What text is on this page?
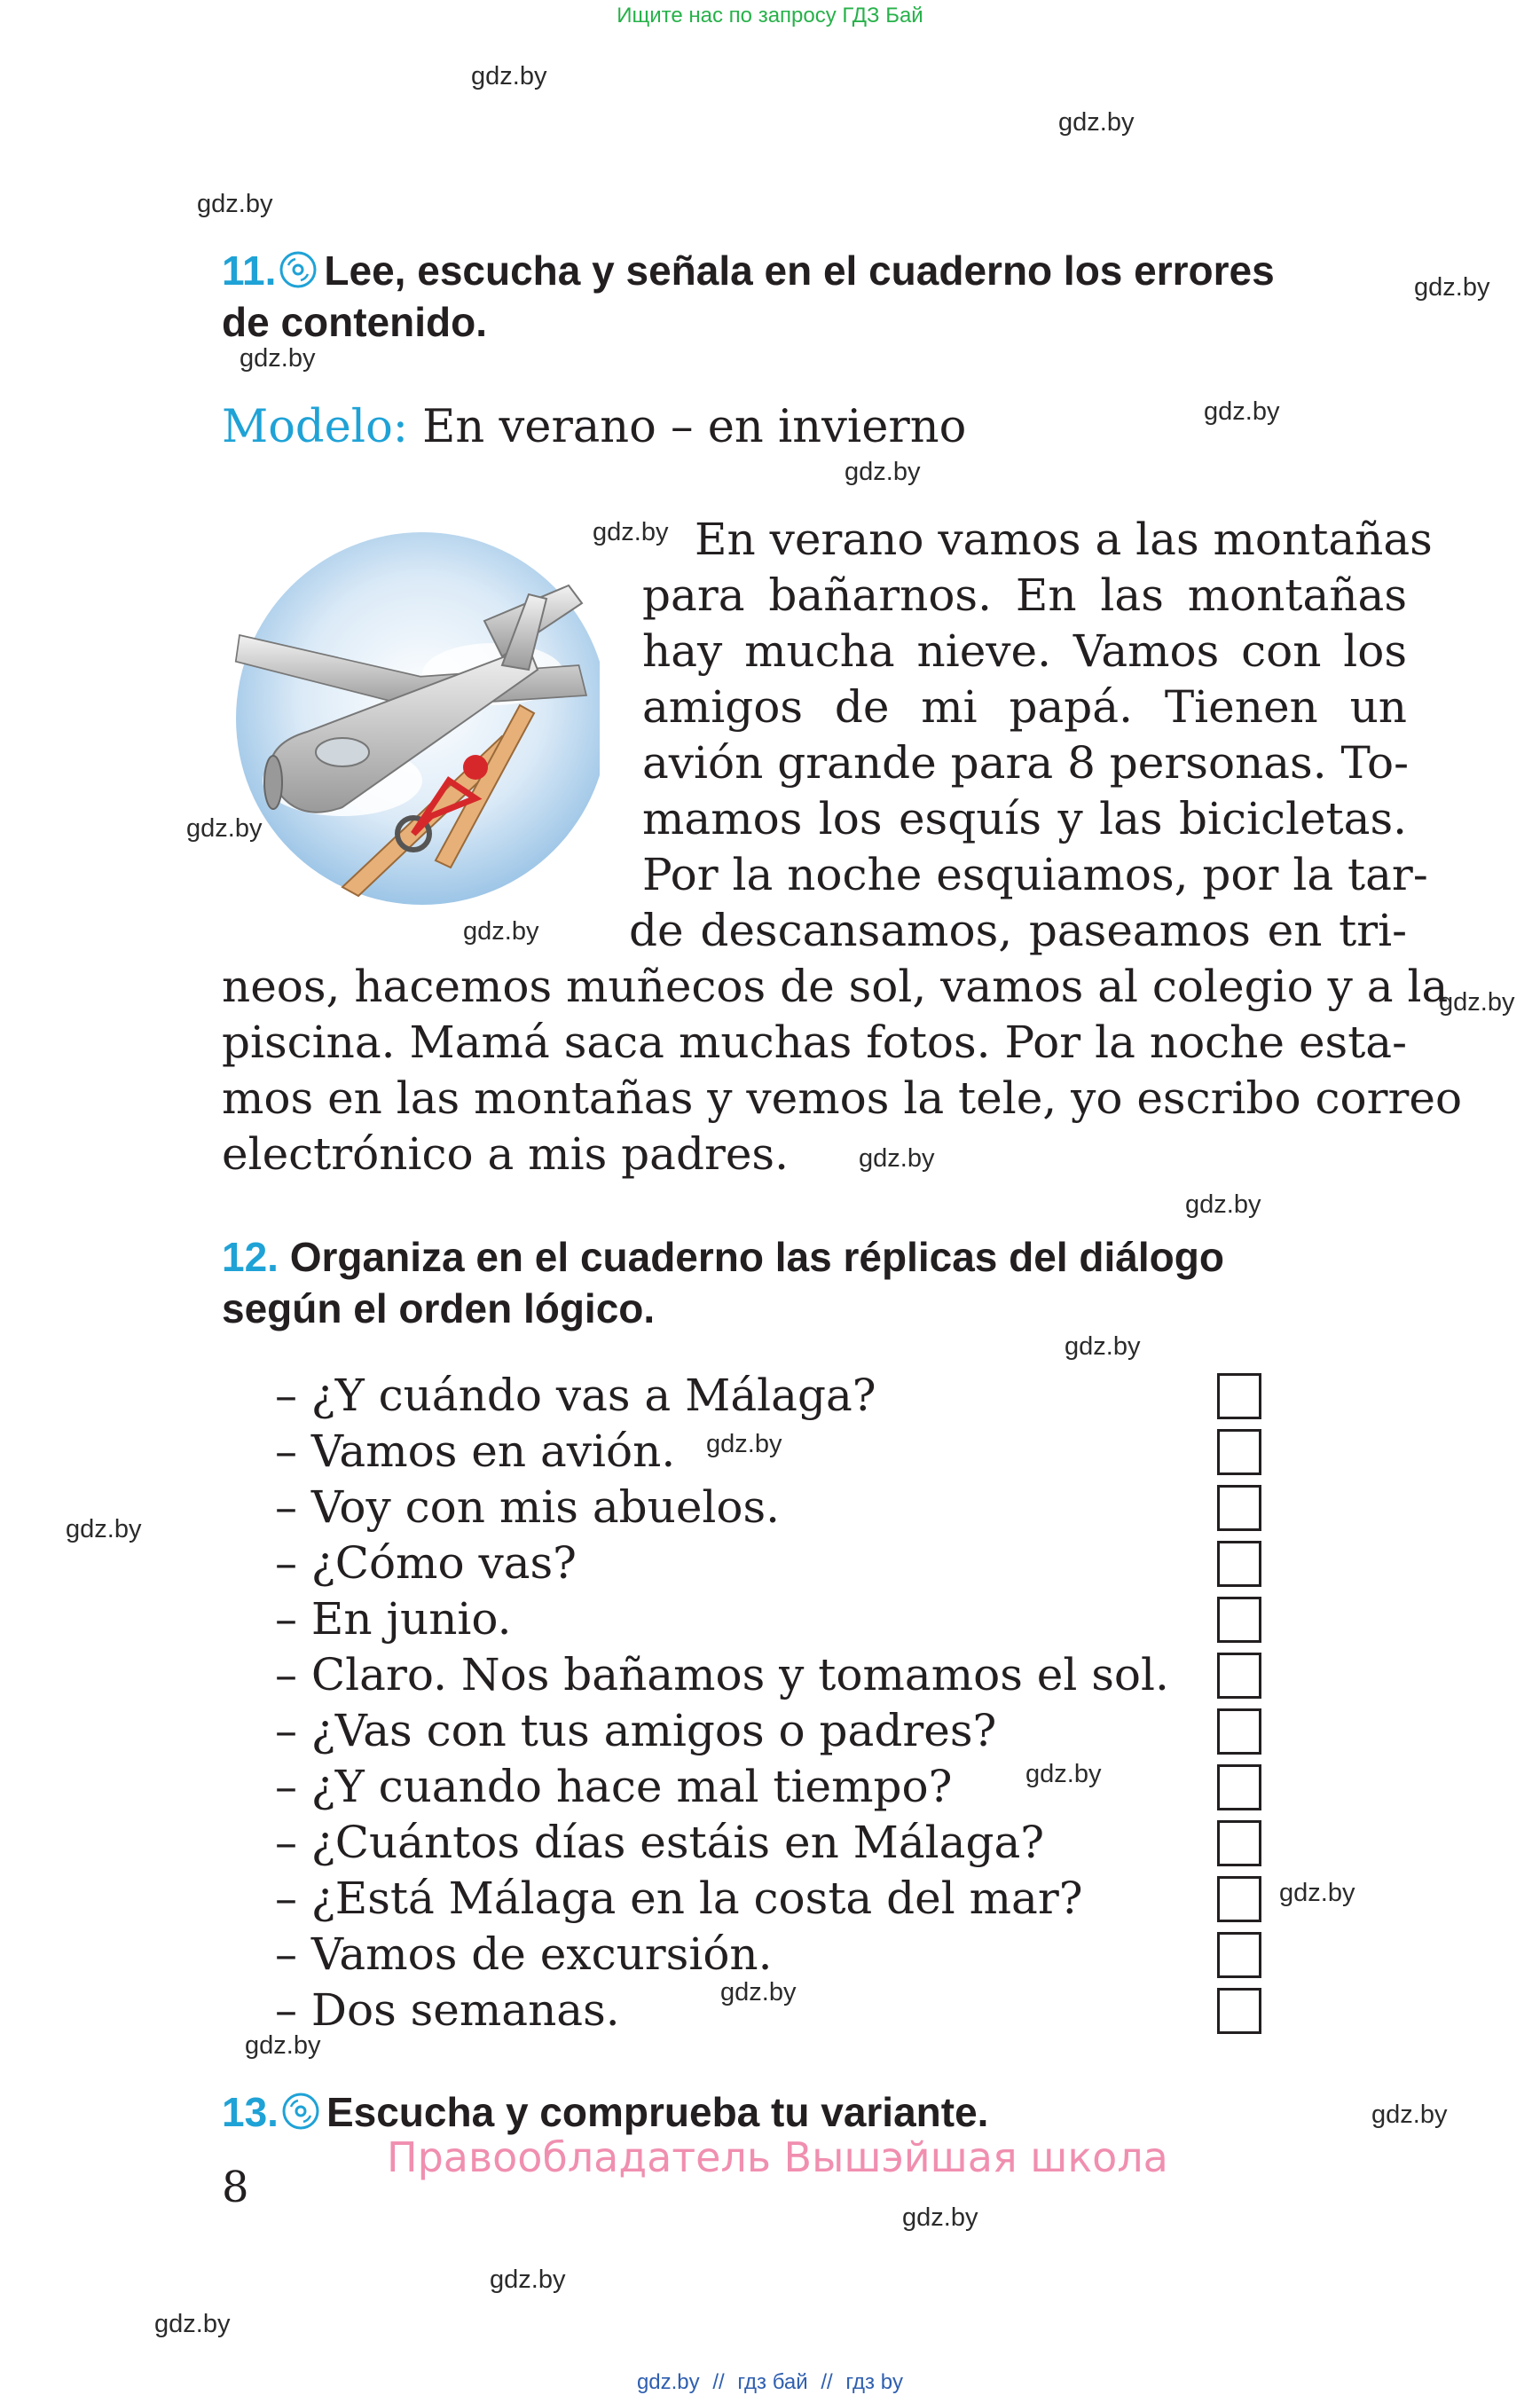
Ищите нас по запросу ГДЗ Бай
gdz.by
gdz.by
gdz.by
gdz.by
gdz.by
gdz.by
gdz.by
gdz.by
gdz.by
gdz.by
gdz.by
gdz.by
gdz.by
gdz.by
gdz.by
gdz.by
gdz.by
gdz.by
gdz.by
gdz.by
gdz.by
gdz.by
gdz.by
gdz.by
11. Lee, escucha y señala en el cuaderno los errores
de contenido.
Modelo: En verano – en invierno
En verano vamos a las montañas
para bañarnos. En las montañas
hay mucha nieve. Vamos con los
amigos de mi papá. Tienen un
avión grande para 8 personas. To-
mamos los esquís y las bicicletas.
Por la noche esquiamos, por la tar-
de descansamos, paseamos en tri-
neos, hacemos muñecos de sol, vamos al colegio y a la
piscina. Mamá saca muchas fotos. Por la noche esta-
mos en las montañas y vemos la tele, yo escribo correo
electrónico a mis padres.
12. Organiza en el cuaderno las réplicas del diálogo
según el orden lógico.
– ¿Y cuándo vas a Málaga?
– Vamos en avión.
– Voy con mis abuelos.
– ¿Cómo vas?
– En junio.
– Claro. Nos bañamos y tomamos el sol.
– ¿Vas con tus amigos o padres?
– ¿Y cuando hace mal tiempo?
– ¿Cuántos días estáis en Málaga?
– ¿Está Málaga en la costa del mar?
– Vamos de excursión.
– Dos semanas.
13. Escucha y comprueba tu variante.
Правообладатель Вышэйшая школа
8
gdz.by // гдз бай // гдз by
